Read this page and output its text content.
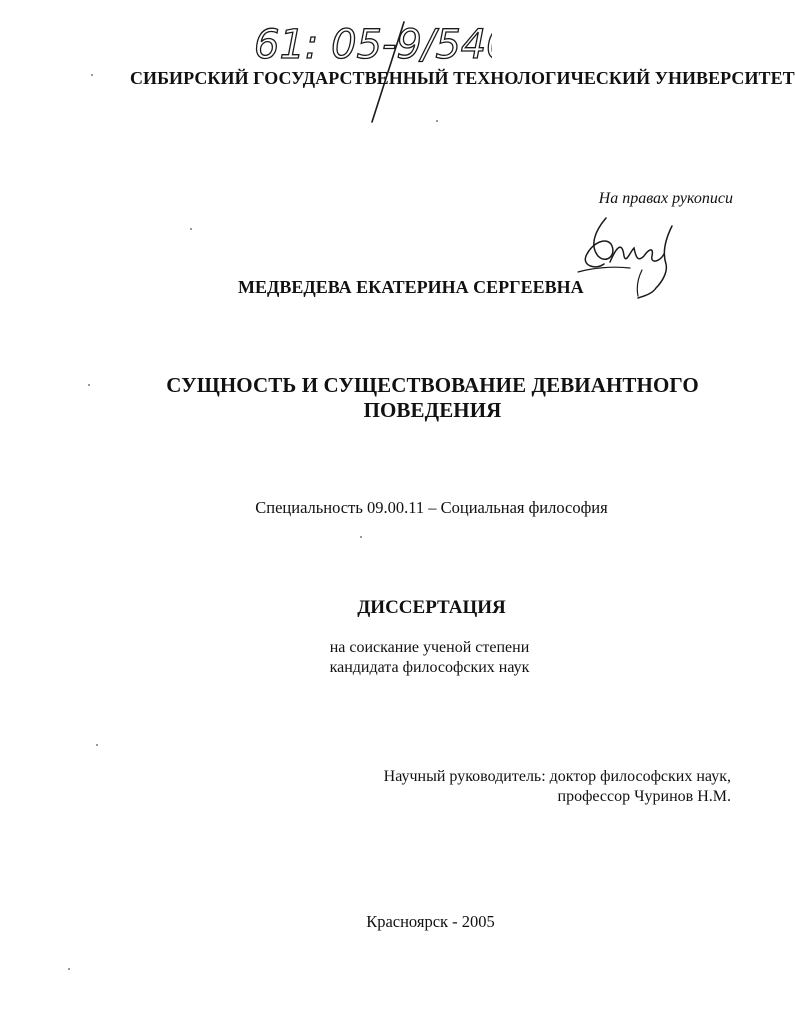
61: 05-9/540

СИБИРСКИЙ ГОСУДАРСТВЕННЫЙ ТЕХНОЛОГИЧЕСКИЙ УНИВЕРСИТЕТ

На правах рукописи

МЕДВЕДЕВА ЕКАТЕРИНА СЕРГЕЕВНА

СУЩНОСТЬ И СУЩЕСТВОВАНИЕ ДЕВИАНТНОГО

ПОВЕДЕНИЯ

Специальность 09.00.11 – Социальная философия

ДИССЕРТАЦИЯ

на соискание ученой степени
кандидата философских наук

Научный руководитель: доктор философских наук,

профессор Чуринов Н.М.

Красноярск - 2005
